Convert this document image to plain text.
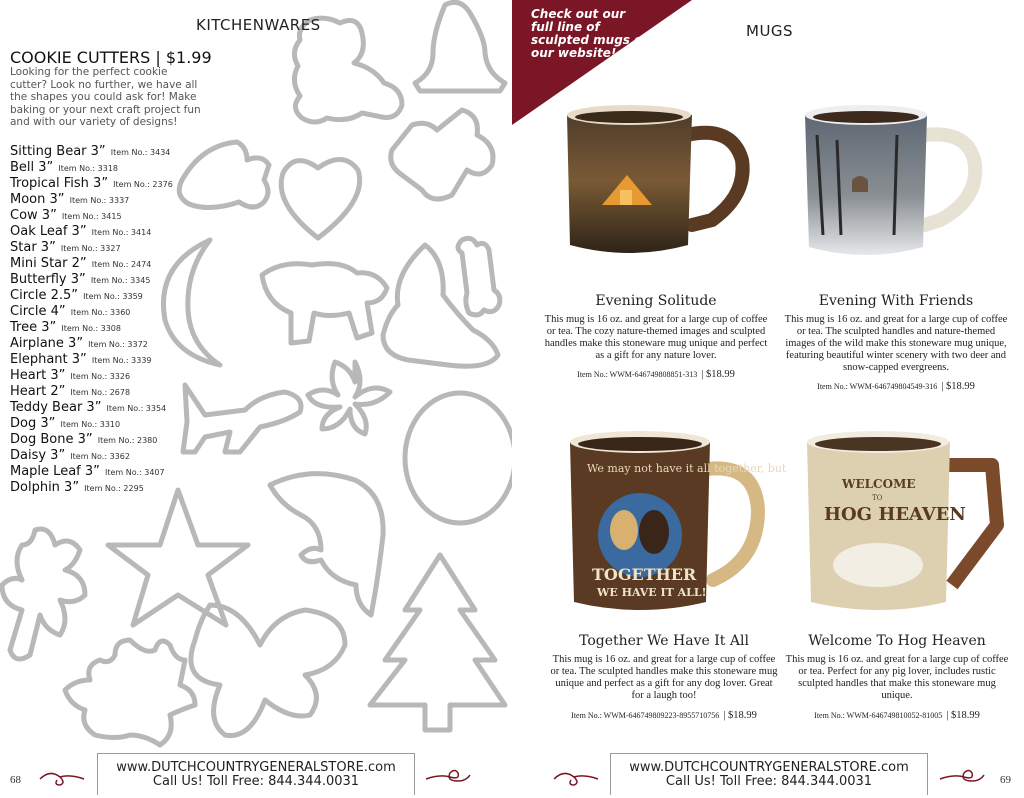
KITCHENWARES
COOKIE CUTTERS | $1.99
Looking for the perfect cookie cutter? Look no further, we have all the shapes you could ask for! Make baking or your next craft project fun and with our variety of designs!
Sitting Bear 3” Item No.: 3434
Bell 3” Item No.: 3318
Tropical Fish 3” Item No.: 2376
Moon 3” Item No.: 3337
Cow 3” Item No.: 3415
Oak Leaf 3” Item No.: 3414
Star 3” Item No.: 3327
Mini Star 2” Item No.: 2474
Butterfly 3” Item No.: 3345
Circle 2.5” Item No.: 3359
Circle 4” Item No.: 3360
Tree 3” Item No.: 3308
Airplane 3” Item No.: 3372
Elephant 3” Item No.: 3339
Heart 3” Item No.: 3326
Heart 2” Item No.: 2678
Teddy Bear 3” Item No.: 3354
Dog 3” Item No.: 3310
Dog Bone 3” Item No.: 2380
Daisy 3” Item No.: 3362
Maple Leaf 3” Item No.: 3407
Dolphin 3” Item No.: 2295
68
www.DUTCHCOUNTRYGENERALSTORE.com
Call Us! Toll Free: 844.344.0031
Check out our full line of sculpted mugs on our website!
MUGS
Evening Solitude
This mug is 16 oz. and great for a large cup of coffee or tea. The cozy nature-themed images and sculpted handles make this stoneware mug unique and perfect as a gift for any nature lover.
Item No.: WWM-646749808851-313 | $18.99
Evening With Friends
This mug is 16 oz. and great for a large cup of coffee or tea. The sculpted handles and nature-themed images of the wild make this stoneware mug unique, featuring beautiful winter scenery with two deer and snow-capped evergreens.
Item No.: WWM-646749804549-316 | $18.99
We may not have it all together, but
TOGETHER
WE HAVE IT ALL!
Together We Have It All
This mug is 16 oz. and great for a large cup of coffee or tea. The sculpted handles make this stoneware mug unique and perfect as a gift for any dog lover. Great for a laugh too!
Item No.: WWM-646749809223-8955710756 | $18.99
WELCOME
TO
HOG HEAVEN
Welcome To Hog Heaven
This mug is 16 oz. and great for a large cup of coffee or tea. Perfect for any pig lover, includes rustic sculpted handles that make this stoneware mug unique.
Item No.: WWM-646749810052-81005 | $18.99
www.DUTCHCOUNTRYGENERALSTORE.com
Call Us! Toll Free: 844.344.0031	69
